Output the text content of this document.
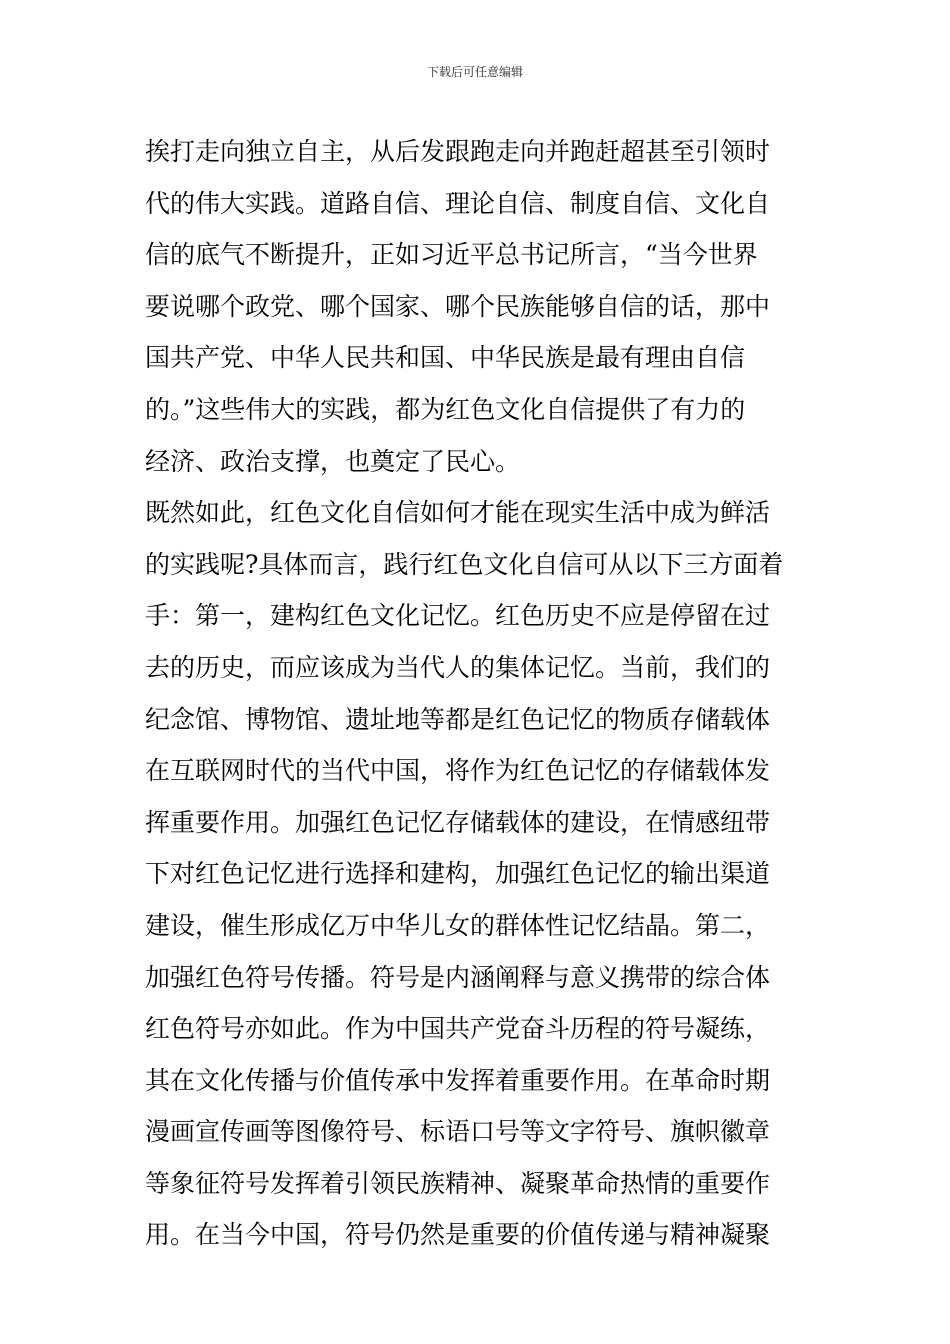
下载后可任意编辑
挨打走向独立自主，从后发跟跑走向并跑赶超甚至引领时
代的伟大实践。道路自信、理论自信、制度自信、文化自
信的底气不断提升，正如习近平总书记所言，“当今世界
要说哪个政党、哪个国家、哪个民族能够自信的话，那中
国共产党、中华人民共和国、中华民族是最有理由自信
的。”这些伟大的实践，都为红色文化自信提供了有力的
经济、政治支撑，也奠定了民心。
既然如此，红色文化自信如何才能在现实生活中成为鲜活
的实践呢?具体而言，践行红色文化自信可从以下三方面着
手：第一，建构红色文化记忆。红色历史不应是停留在过
去的历史，而应该成为当代人的集体记忆。当前，我们的
纪念馆、博物馆、遗址地等都是红色记忆的物质存储载体
在互联网时代的当代中国，将作为红色记忆的存储载体发
挥重要作用。加强红色记忆存储载体的建设，在情感纽带
下对红色记忆进行选择和建构，加强红色记忆的输出渠道
建设，催生形成亿万中华儿女的群体性记忆结晶。第二，
加强红色符号传播。符号是内涵阐释与意义携带的综合体
红色符号亦如此。作为中国共产党奋斗历程的符号凝练，
其在文化传播与价值传承中发挥着重要作用。在革命时期
漫画宣传画等图像符号、标语口号等文字符号、旗帜徽章
等象征符号发挥着引领民族精神、凝聚革命热情的重要作
用。在当今中国，符号仍然是重要的价值传递与精神凝聚
